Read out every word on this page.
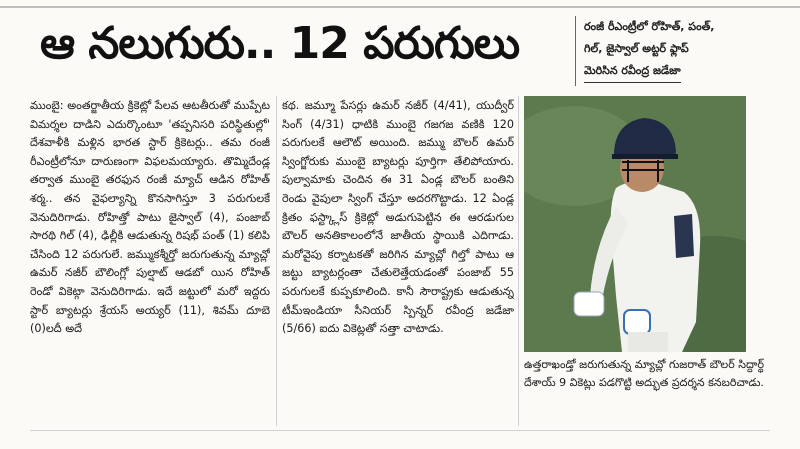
ఆ నలుగురు.. 12 పరుగులు	రంజీ రీఎంట్రీలో రోహిత్, పంత్,
గిల్, జైస్వాల్ అట్టర్ ఫ్లాప్
మెరిసిన రవీంద్ర జడేజా

ముంబై: అంతర్జాతీయ క్రికెట్లో పేలవ ఆటతీరుతో ముప్పేట విమర్శల దాడిని ఎదుర్కొంటూ 'తప్పనిసరి పరిస్థితుల్లో' దేశవాళీకి మళ్లిన భారత స్టార్ క్రికెటర్లు.. తమ రంజీ రీఎంట్రీలోనూ దారుణంగా విఫలమయ్యారు. తొమ్మిదేండ్ల తర్వాత ముంబై తరఫున రంజీ మ్యాచ్ ఆడిన రోహిత్ శర్మ.. తన వైఫల్యాన్ని కొనసాగిస్తూ 3 పరుగులకే వెనుదిరిగాడు. రోహిత్తో పాటు జైస్వాల్ (4), పంజాబ్ సారథి గిల్ (4), ఢిల్లీకి ఆడుతున్న రిషభ్ పంత్ (1) కలిపి చేసింది 12 పరుగులే. జమ్ముకశ్మీర్తో జరుగుతున్న మ్యాచ్లో ఉమర్ నజీర్ బౌలింగ్లో పుల్షాట్ ఆడబో యిన రోహిత్ రెండో వికెట్గా వెనుదిరిగాడు. ఇదే జట్టులో మరో ఇద్దరు స్టార్ బ్యాటర్లు శ్రేయస్ అయ్యర్ (11), శివమ్ దూబె (0)లదీ అదే

కథ. జమ్మూ పేసర్లు ఉమర్ నజీర్ (4/41), యుద్వీర్ సింగ్ (4/31) ధాటికి ముంబై గజగజ వణికి 120 పరుగులకే ఆలౌట్ అయింది. జమ్ము బౌలర్ ఉమర్ స్వింగ్జోరుకు ముంబై బ్యాటర్లు పూర్తిగా తేలిపోయారు. పుల్వామాకు చెందిన ఈ 31 ఏండ్ల బౌలర్ బంతిని రెండు వైపులా స్వింగ్ చేస్తూ అదరగొట్టాడు. 12 ఏండ్ల క్రితం ఫస్ట్క్లాస్ క్రికెట్లో అడుగుపెట్టిన ఈ ఆరడుగుల బౌలర్ అనతికాలంలోనే జాతీయ స్థాయికి ఎదిగాడు. మరోవైపు కర్నాటకతో జరిగిన మ్యాచ్లో గిల్తో పాటు ఆ జట్టు బ్యాటర్లంతా చేతులెత్తేయడంతో పంజాబ్ 55 పరుగులకే కుప్పకూలింది. కానీ సౌరాష్ట్రకు ఆడుతున్న టీమ్ఇండియా సీనియర్ స్పిన్నర్ రవీంద్ర జడేజా (5/66) ఐదు వికెట్లతో సత్తా చాటాడు.

ఉత్తరాఖండ్తో జరుగుతున్న మ్యాచ్లో గుజరాత్ బౌలర్ సిద్దార్థ్ దేశాయ్ 9 వికెట్లు పడగొట్టి అద్భుత ప్రదర్శన కనబరిచాడు.
